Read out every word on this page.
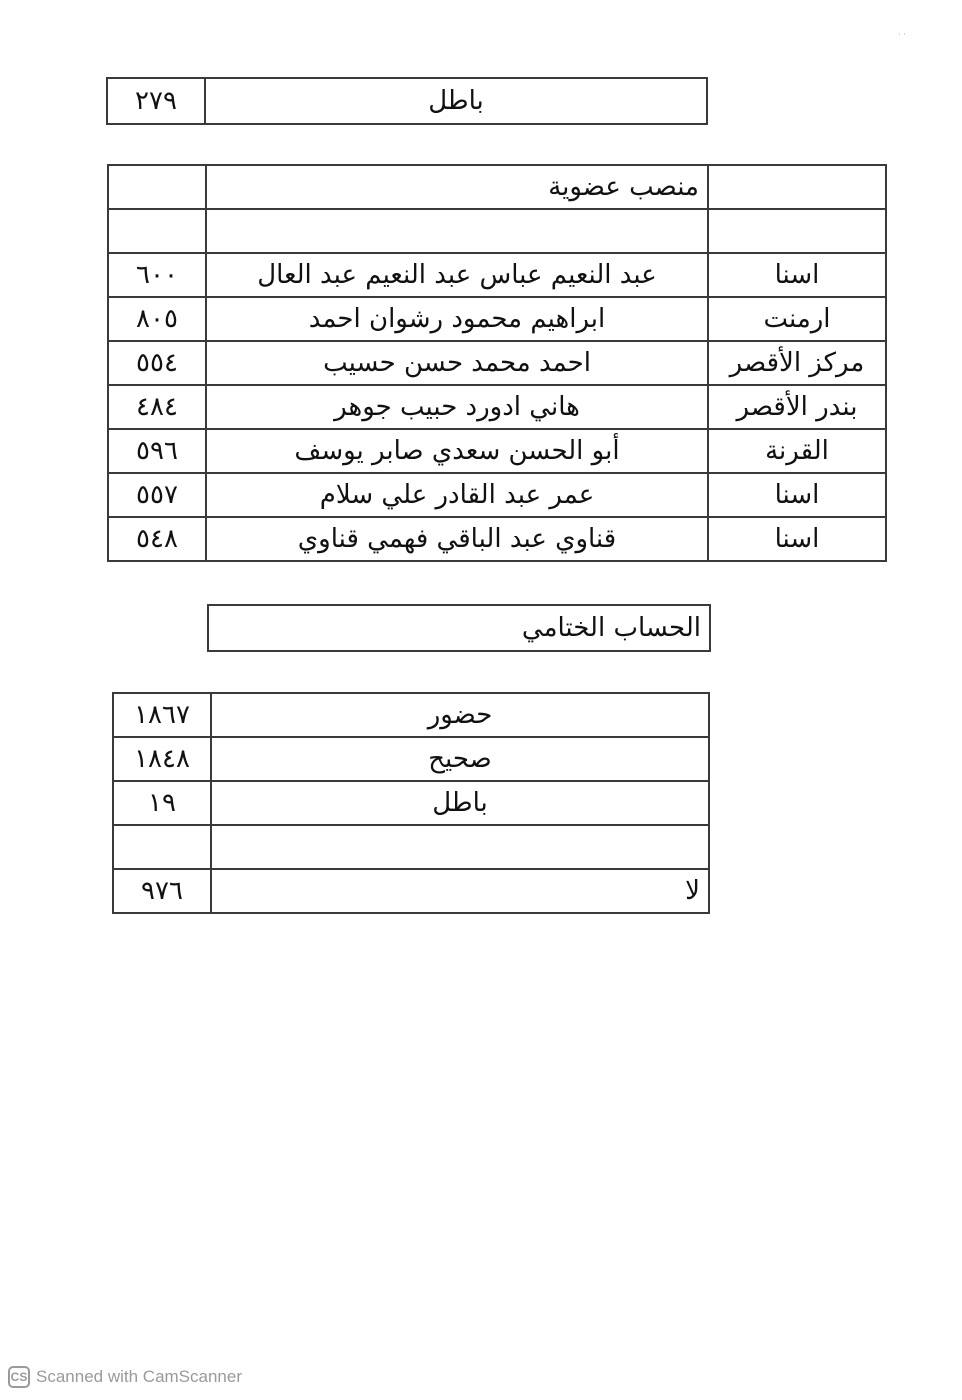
· ·
٢٧٩	باطل
	منصب عضوية	

٦٠٠	عبد النعيم عباس عبد النعيم عبد العال	اسنا
٨٠٥	ابراهيم محمود رشوان احمد	ارمنت
٥٥٤	احمد محمد حسن حسيب	مركز الأقصر
٤٨٤	هاني ادورد حبيب جوهر	بندر الأقصر
٥٩٦	أبو الحسن سعدي صابر يوسف	القرنة
٥٥٧	عمر عبد القادر علي سلام	اسنا
٥٤٨	قناوي عبد الباقي فهمي قناوي	اسنا
الحساب الختامي
١٨٦٧	حضور
١٨٤٨	صحيح
١٩	باطل

٩٧٦	لا
CS Scanned with CamScanner
